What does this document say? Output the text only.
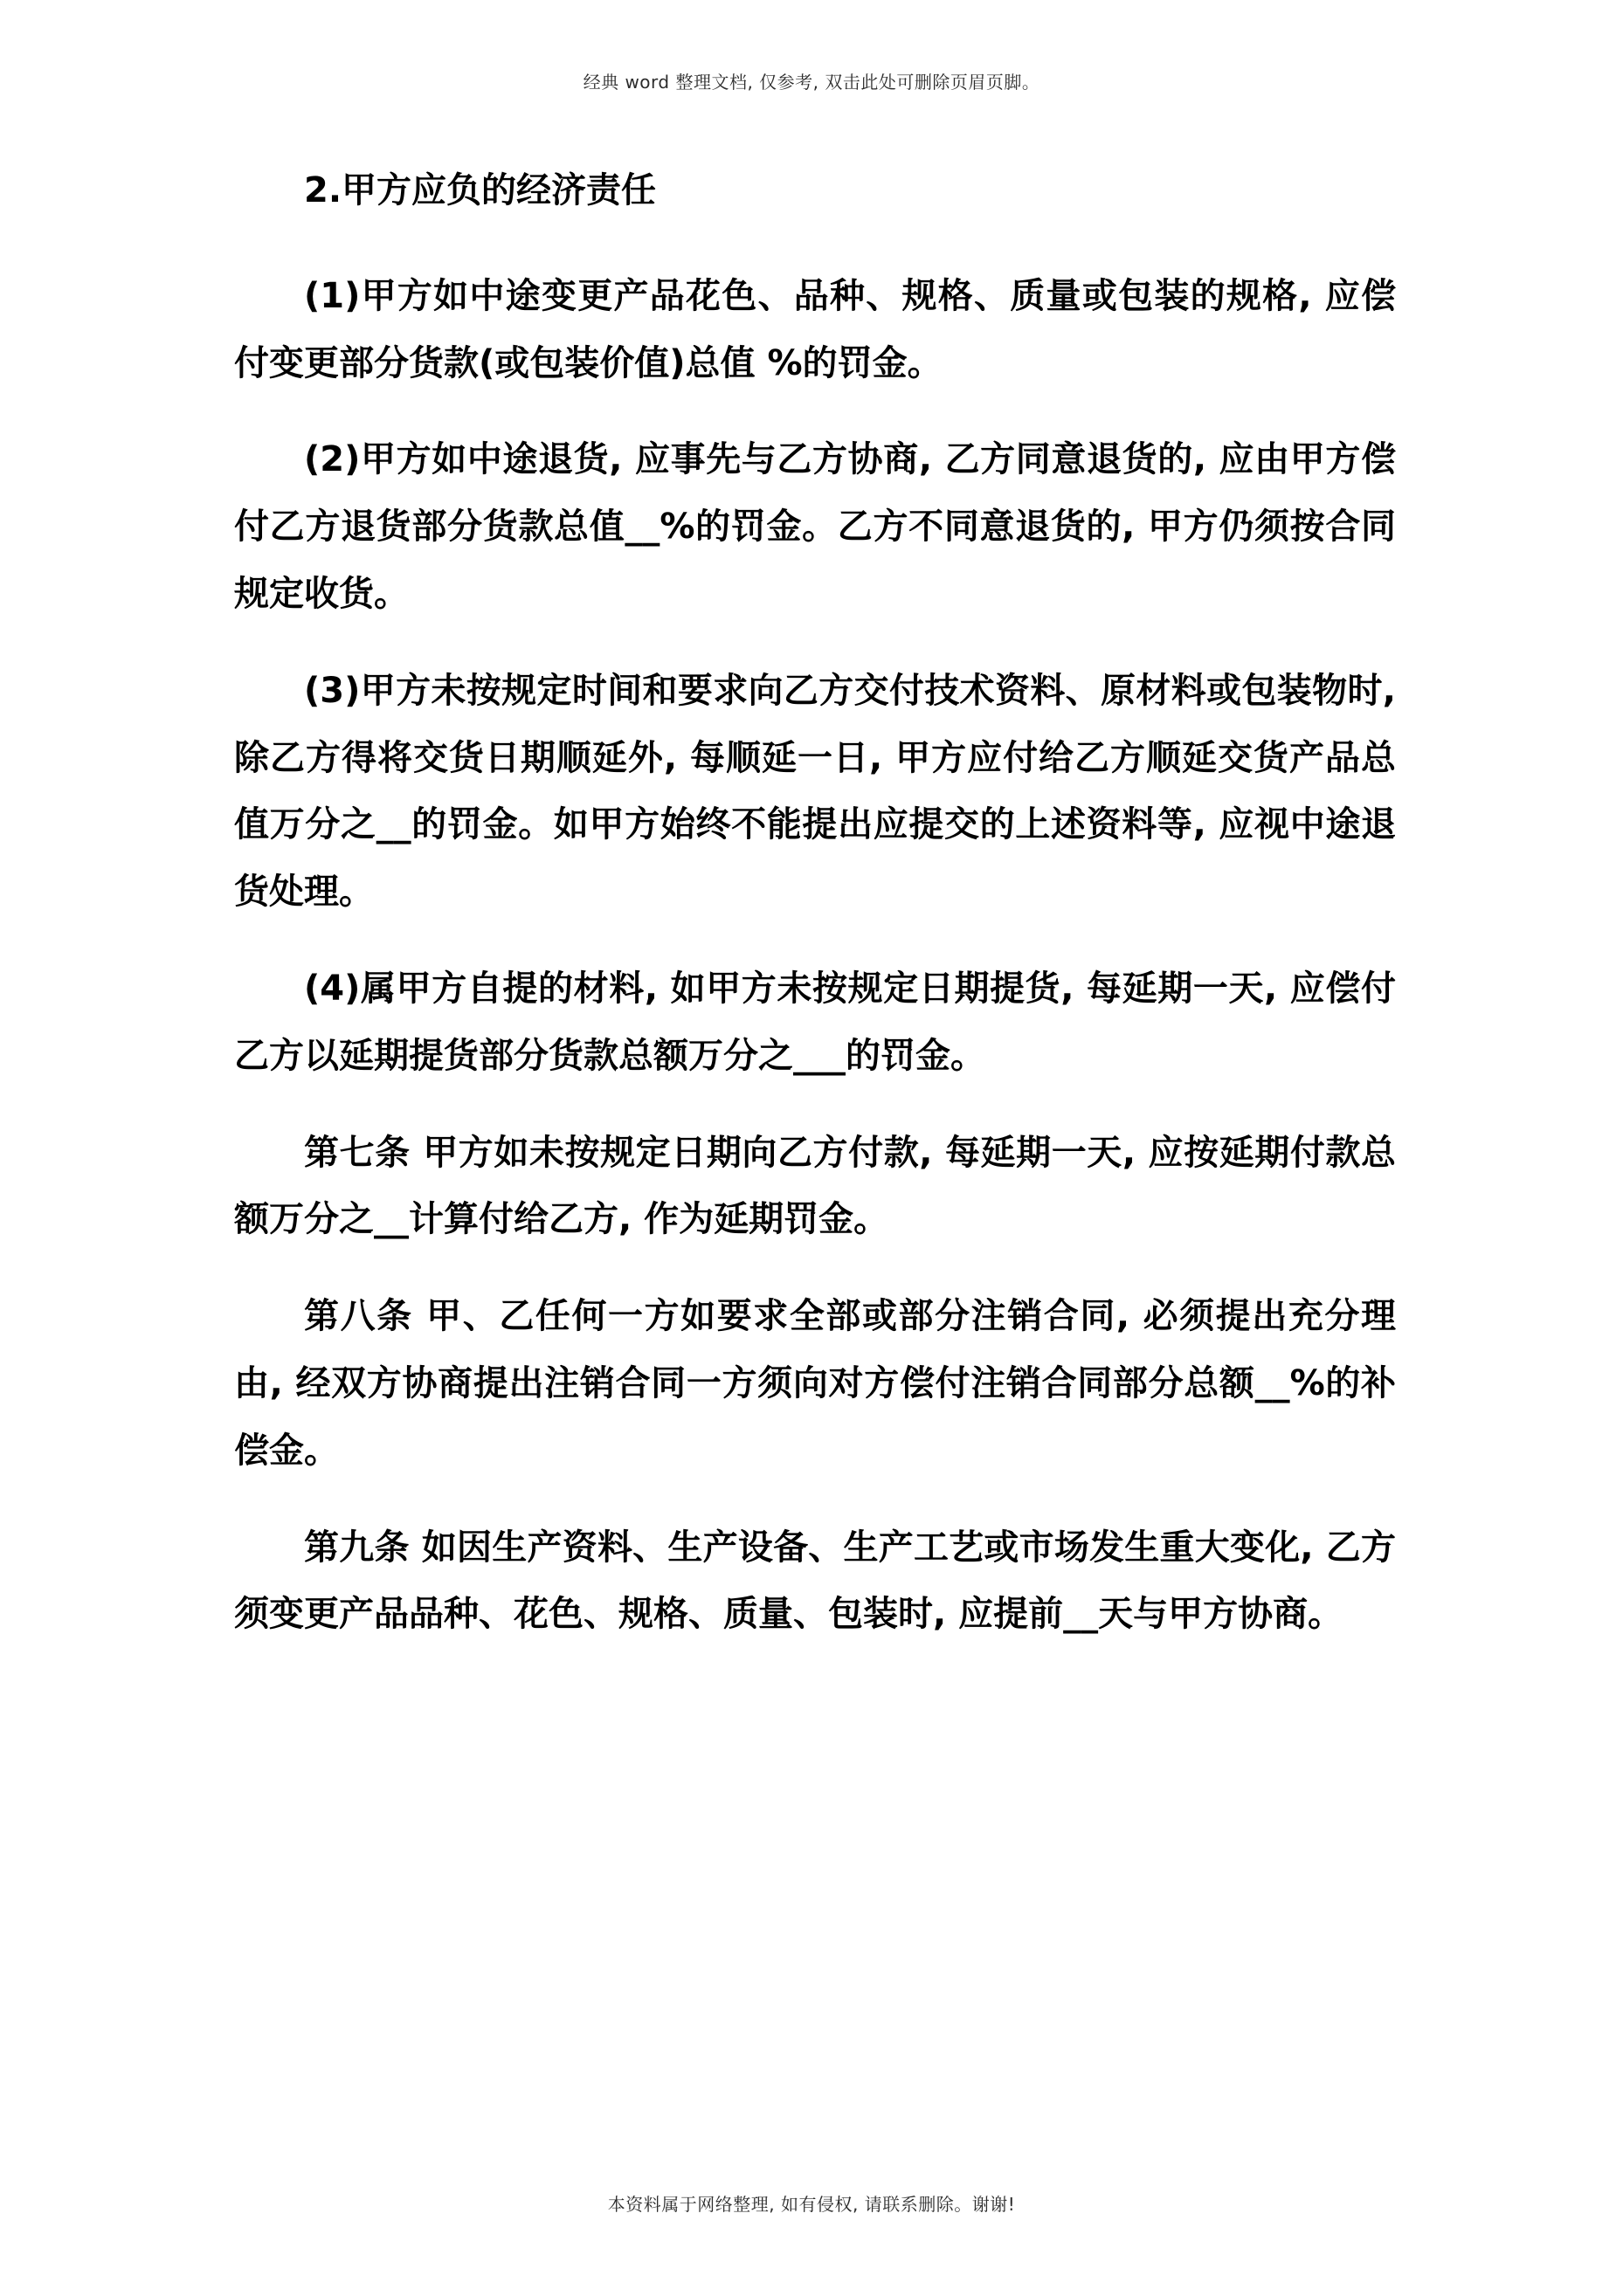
经典 word 整理文档, 仅参考, 双击此处可删除页眉页脚。

2.甲方应负的经济责任

(1)甲方如中途变更产品花色、品种、规格、质量或包装的规格, 应偿付变更部分货款(或包装价值)总值 %的罚金。

(2)甲方如中途退货, 应事先与乙方协商, 乙方同意退货的, 应由甲方偿付乙方退货部分货款总值__%的罚金。乙方不同意退货的, 甲方仍须按合同规定收货。

(3)甲方未按规定时间和要求向乙方交付技术资料、原材料或包装物时, 除乙方得将交货日期顺延外, 每顺延一日, 甲方应付给乙方顺延交货产品总值万分之__的罚金。如甲方始终不能提出应提交的上述资料等, 应视中途退货处理。

(4)属甲方自提的材料, 如甲方未按规定日期提货, 每延期一天, 应偿付乙方以延期提货部分货款总额万分之___的罚金。

第七条 甲方如未按规定日期向乙方付款, 每延期一天, 应按延期付款总额万分之__计算付给乙方, 作为延期罚金。

第八条 甲、乙任何一方如要求全部或部分注销合同, 必须提出充分理由, 经双方协商提出注销合同一方须向对方偿付注销合同部分总额__%的补偿金。

第九条 如因生产资料、生产设备、生产工艺或市场发生重大变化, 乙方须变更产品品种、花色、规格、质量、包装时, 应提前__天与甲方协商。

本资料属于网络整理, 如有侵权, 请联系删除。谢谢!
